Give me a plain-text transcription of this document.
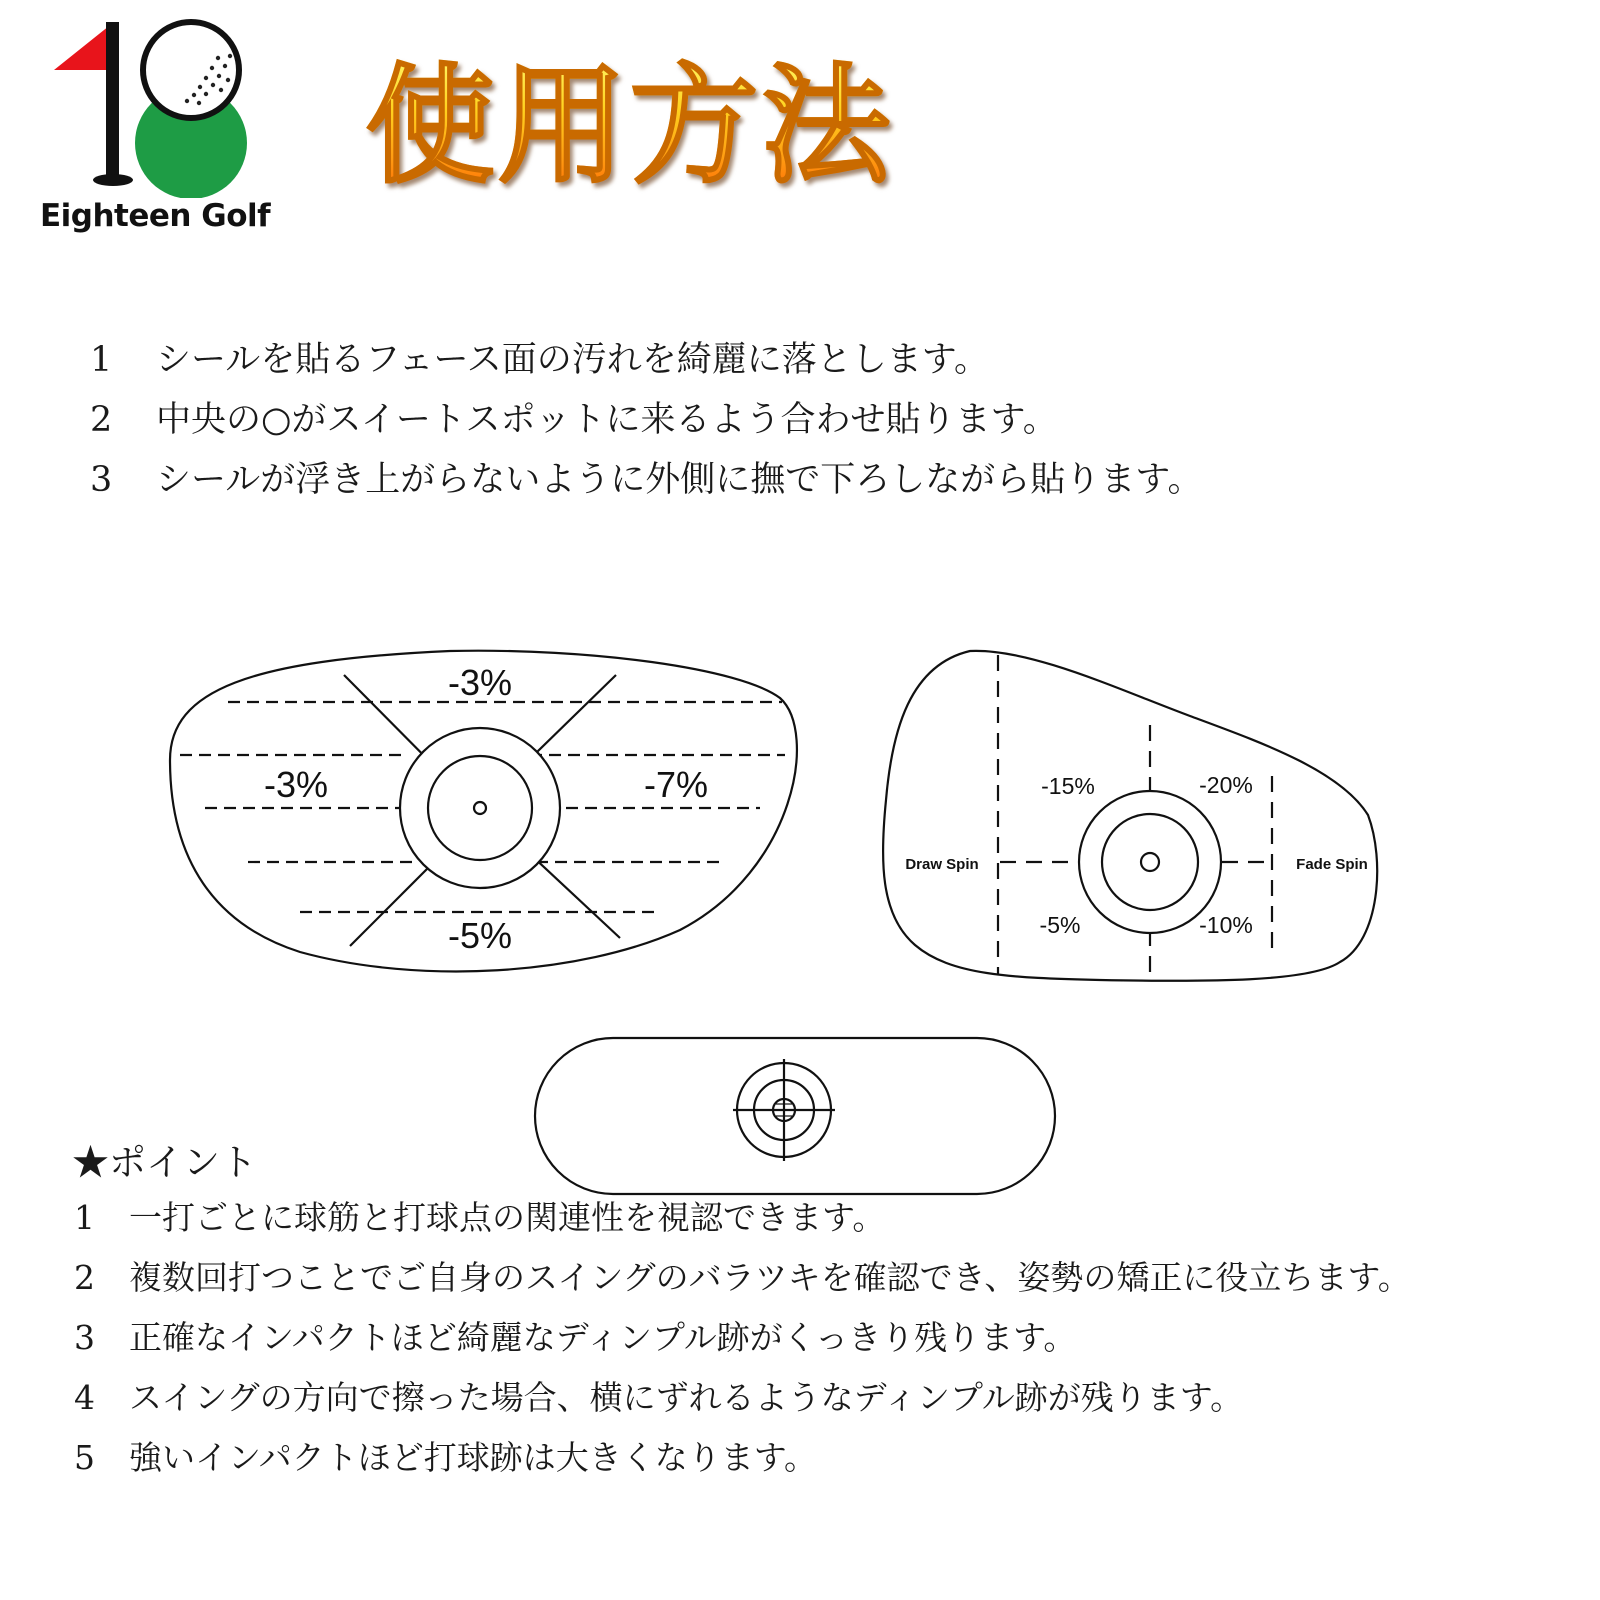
Eighteen Golf
使用方法
1	シールを貼るフェース面の汚れを綺麗に落とします。
2	中央の○がスイートスポットに来るよう合わせ貼ります。
3	シールが浮き上がらないように外側に撫で下ろしながら貼ります。
-3%
-3%	-7%
-5%
-15%	-20%
-5%	-10%
Draw Spin	Fade Spin
★ポイント
1	一打ごとに球筋と打球点の関連性を視認できます。
2	複数回打つことでご自身のスイングのバラツキを確認でき、姿勢の矯正に役立ちます。
3	正確なインパクトほど綺麗なディンプル跡がくっきり残ります。
4	スイングの方向で擦った場合、横にずれるようなディンプル跡が残ります。
5	強いインパクトほど打球跡は大きくなります。
